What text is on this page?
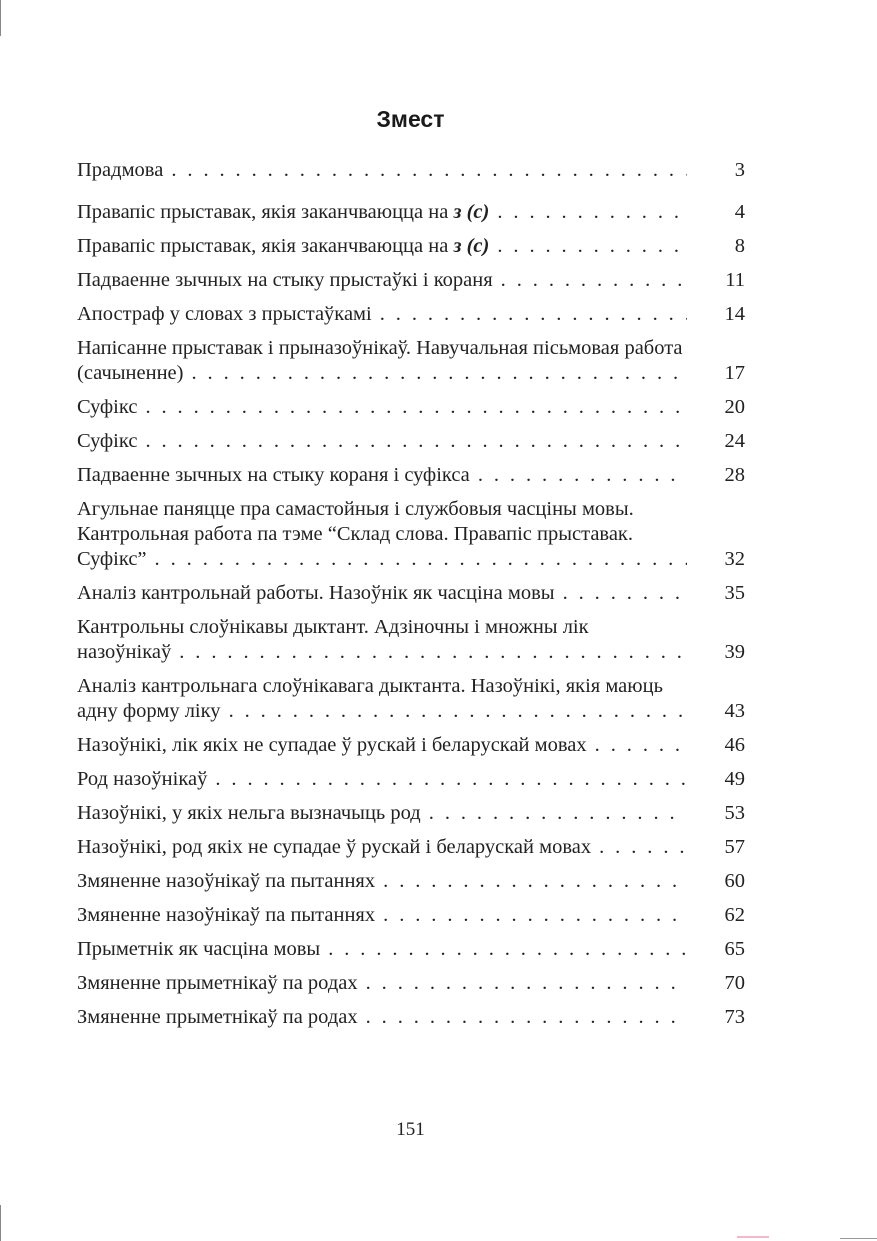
Змест
Прадмова . . .	3
Правапіс прыставак, якія заканчваюцца на з (с) . . .	4
Правапіс прыставак, якія заканчваюцца на з (с) . . .	8
Падваенне зычных на стыку прыстаўкі і кораня . . .	11
Апостраф у словах з прыстаўкамі . . .	14
Напісанне прыставак і прыназоўнікаў. Навучальная пісьмовая работа (сачыненне) . . .	17
Суфікс . . .	20
Суфікс . . .	24
Падваенне зычных на стыку кораня і суфікса . . .	28
Агульнае паняцце пра самастойныя і службовыя часціны мовы. Кантрольная работа па тэме “Склад слова. Правапіс прыставак. Суфікс” . . .	32
Аналіз кантрольнай работы. Назоўнік як часціна мовы . . .	35
Кантрольны слоўнікавы дыктант. Адзіночны і множны лік назоўнікаў . . .	39
Аналіз кантрольнага слоўнікавага дыктанта. Назоўнікі, якія маюць адну форму ліку . . .	43
Назоўнікі, лік якіх не супадае ў рускай і беларускай мовах . . .	46
Род назоўнікаў . . .	49
Назоўнікі, у якіх нельга вызначыць род . . .	53
Назоўнікі, род якіх не супадае ў рускай і беларускай мовах . . .	57
Змяненне назоўнікаў па пытаннях . . .	60
Змяненне назоўнікаў па пытаннях . . .	62
Прыметнік як часціна мовы . . .	65
Змяненне прыметнікаў па родах . . .	70
Змяненне прыметнікаў па родах . . .	73
151
